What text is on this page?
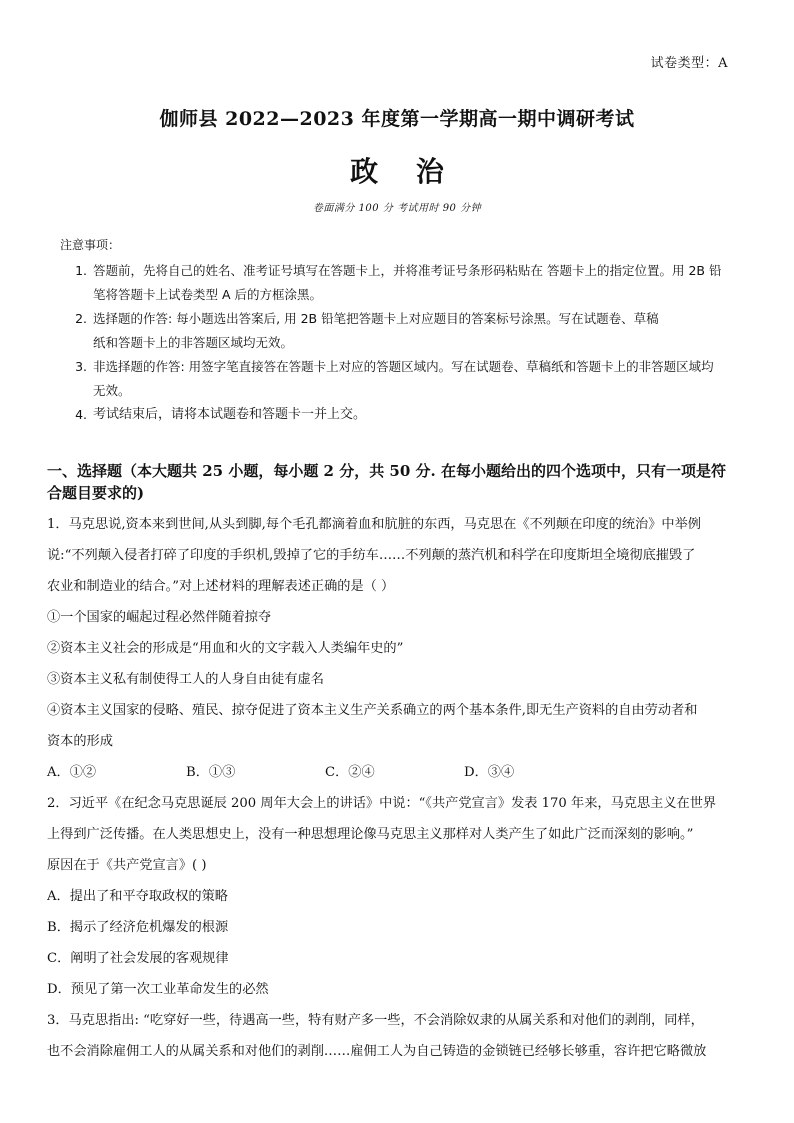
试卷类型：A
伽师县 2022—2023 年度第一学期高一期中调研考试
政 治
卷面满分 100 分 考试用时 90 分钟
注意事项：
1. 答题前，先将自己的姓名、准考证号填写在答题卡上，并将准考证号条形码粘贴在 答题卡上的指定位置。用 2B 铅
笔将答题卡上试卷类型 A 后的方框涂黑。
2. 选择题的作答: 每小题选出答案后, 用 2B 铅笔把答题卡上对应题目的答案标号涂黑。写在试题卷、草稿
纸和答题卡上的非答题区域均无效。
3. 非选择题的作答: 用签字笔直接答在答题卡上对应的答题区域内。写在试题卷、草稿纸和答题卡上的非答题区域均
无效。
4. 考试结束后，请将本试题卷和答题卡一并上交。
一、选择题（本大题共 25 小题，每小题 2 分，共 50 分. 在每小题给出的四个选项中，只有一项是符
合题目要求的)
1．马克思说,资本来到世间,从头到脚,每个毛孔都滴着血和肮脏的东西，马克思在《不列颠在印度的统治》中举例
说:“不列颠入侵者打碎了印度的手织机,毁掉了它的手纺车……不列颠的蒸汽机和科学在印度斯坦全境彻底摧毁了
农业和制造业的结合。”对上述材料的理解表述正确的是（ ）
①一个国家的崛起过程必然伴随着掠夺
②资本主义社会的形成是“用血和火的文字载入人类编年史的”
③资本主义私有制使得工人的人身自由徒有虚名
④资本主义国家的侵略、殖民、掠夺促进了资本主义生产关系确立的两个基本条件,即无生产资料的自由劳动者和
资本的形成
A．①②	B．①③	C．②④	D．③④
2．习近平《在纪念马克思诞辰 200 周年大会上的讲话》中说：“《共产党宣言》发表 170 年来，马克思主义在世界
上得到广泛传播。在人类思想史上，没有一种思想理论像马克思主义那样对人类产生了如此广泛而深刻的影响。”
原因在于《共产党宣言》( )
A．提出了和平夺取政权的策略
B．揭示了经济危机爆发的根源
C．阐明了社会发展的客观规律
D．预见了第一次工业革命发生的必然
3．马克思指出: “吃穿好一些，待遇高一些，特有财产多一些，不会消除奴隶的从属关系和对他们的剥削，同样，
也不会消除雇佣工人的从属关系和对他们的剥削……雇佣工人为自己铸造的金锁链已经够长够重，容许把它略微放
